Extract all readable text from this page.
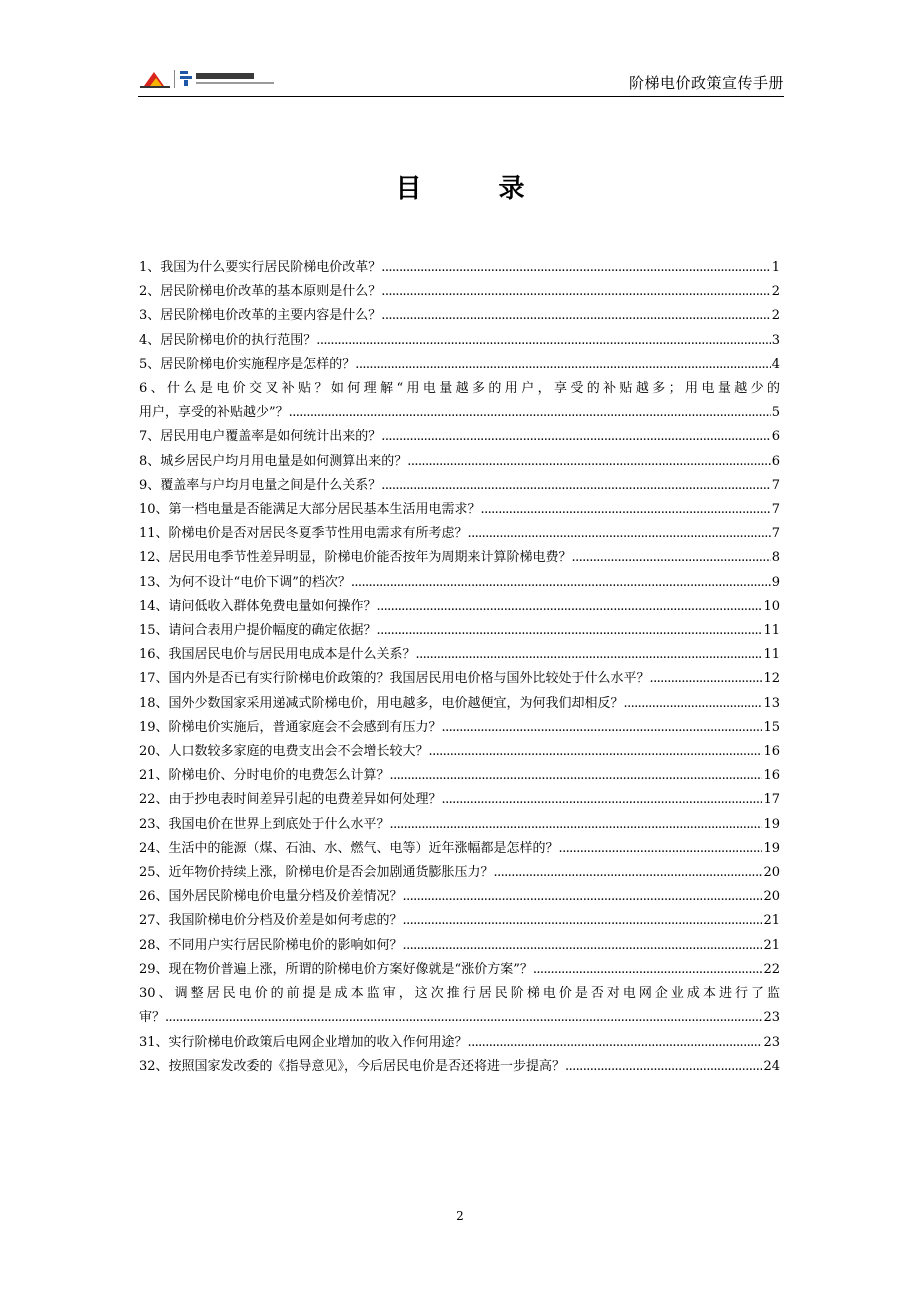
阶梯电价政策宣传手册
目 录
1、我国为什么要实行居民阶梯电价改革？ .....	1
2、居民阶梯电价改革的基本原则是什么？ .....	2
3、居民阶梯电价改革的主要内容是什么？ .....	2
4、居民阶梯电价的执行范围？ .....	3
5、居民阶梯电价实施程序是怎样的？ .....	4
6、什么是电价交叉补贴？如何理解“用电量越多的用户，享受的补贴越多；用电量越少的
用户，享受的补贴越少”？ .....	5
7、居民用电户覆盖率是如何统计出来的？ .....	6
8、城乡居民户均月用电量是如何测算出来的？ .....	6
9、覆盖率与户均月电量之间是什么关系？ .....	7
10、第一档电量是否能满足大部分居民基本生活用电需求？ .....	7
11、阶梯电价是否对居民冬夏季节性用电需求有所考虑？ .....	7
12、居民用电季节性差异明显，阶梯电价能否按年为周期来计算阶梯电费？ .....	8
13、为何不设计“电价下调”的档次？ .....	9
14、请问低收入群体免费电量如何操作？ .....	10
15、请问合表用户提价幅度的确定依据？ .....	11
16、我国居民电价与居民用电成本是什么关系？ .....	11
17、国内外是否已有实行阶梯电价政策的？我国居民用电价格与国外比较处于什么水平？ .....	12
18、国外少数国家采用递减式阶梯电价，用电越多，电价越便宜，为何我们却相反？ .....	13
19、阶梯电价实施后，普通家庭会不会感到有压力？ .....	15
20、人口数较多家庭的电费支出会不会增长较大？ .....	16
21、阶梯电价、分时电价的电费怎么计算？ .....	16
22、由于抄电表时间差异引起的电费差异如何处理？ .....	17
23、我国电价在世界上到底处于什么水平？ .....	19
24、生活中的能源（煤、石油、水、燃气、电等）近年涨幅都是怎样的？ .....	19
25、近年物价持续上涨，阶梯电价是否会加剧通货膨胀压力？ .....	20
26、国外居民阶梯电价电量分档及价差情况？ .....	20
27、我国阶梯电价分档及价差是如何考虑的？ .....	21
28、不同用户实行居民阶梯电价的影响如何？ .....	21
29、现在物价普遍上涨，所谓的阶梯电价方案好像就是“涨价方案”？ .....	22
30、调整居民电价的前提是成本监审，这次推行居民阶梯电价是否对电网企业成本进行了监
审？ .....	23
31、实行阶梯电价政策后电网企业增加的收入作何用途？ .....	23
32、按照国家发改委的《指导意见》，今后居民电价是否还将进一步提高？ .....	24
2
